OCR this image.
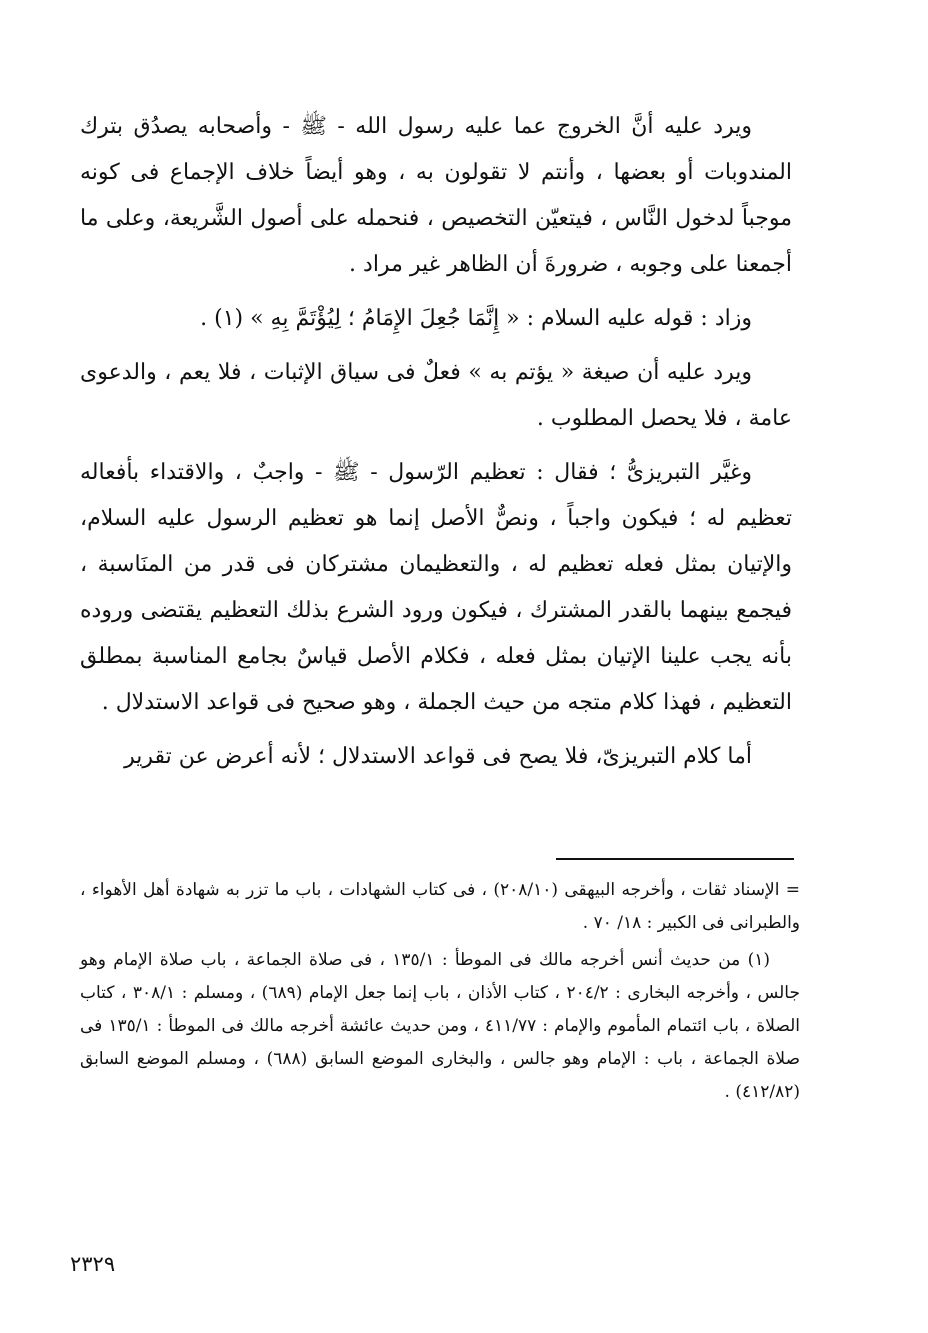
ويرد عليه أنَّ الخروج عما عليه رسول الله - ﷺ - وأصحابه يصدُق بترك المندوبات أو بعضها ، وأنتم لا تقولون به ، وهو أيضاً خلاف الإجماع فى كونه موجباً لدخول النَّاس ، فيتعيّن التخصيص ، فنحمله على أصول الشَّريعة، وعلى ما أجمعنا على وجوبه ، ضرورةَ أن الظاهر غير مراد .

وزاد : قوله عليه السلام : « إِنَّمَا جُعِلَ الإِمَامُ ؛ لِيُؤْتَمَّ بِهِ » (١) .

ويرد عليه أن صيغة « يؤتم به » فعلٌ فى سياق الإثبات ، فلا يعم ، والدعوى عامة ، فلا يحصل المطلوب .

وغيَّر التبريزىُّ ؛ فقال : تعظيم الرّسول - ﷺ - واجبٌ ، والاقتداء بأفعاله تعظيم له ؛ فيكون واجباً ، ونصٌّ الأصل إنما هو تعظيم الرسول عليه السلام، والإتيان بمثل فعله تعظيم له ، والتعظيمان مشتركان فى قدر من المنَاسبة ، فيجمع بينهما بالقدر المشترك ، فيكون ورود الشرع بذلك التعظيم يقتضى وروده بأنه يجب علينا الإتيان بمثل فعله ، فكلام الأصل قياسٌ بجامع المناسبة بمطلق التعظيم ، فهذا كلام متجه من حيث الجملة ، وهو صحيح فى قواعد الاستدلال .

أما كلام التبريزىّ، فلا يصح فى قواعد الاستدلال ؛ لأنه أعرض عن تقرير

= الإسناد ثقات ، وأخرجه البيهقى (٢٠٨/١٠) ، فى كتاب الشهادات ، باب ما تزر به شهادة أهل الأهواء ، والطبرانى فى الكبير : ١٨/ ٧٠ .

(١) من حديث أنس أخرجه مالك فى الموطأ : ١٣٥/١ ، فى صلاة الجماعة ، باب صلاة الإمام وهو جالس ، وأخرجه البخارى : ٢٠٤/٢ ، كتاب الأذان ، باب إنما جعل الإمام (٦٨٩) ، ومسلم : ٣٠٨/١ ، كتاب الصلاة ، باب ائتمام المأموم والإمام : ٤١١/٧٧ ، ومن حديث عائشة أخرجه مالك فى الموطأ : ١٣٥/١ فى صلاة الجماعة ، باب : الإمام وهو جالس ، والبخارى الموضع السابق (٦٨٨) ، ومسلم الموضع السابق (٤١٢/٨٢) .

٢٣٢٩
